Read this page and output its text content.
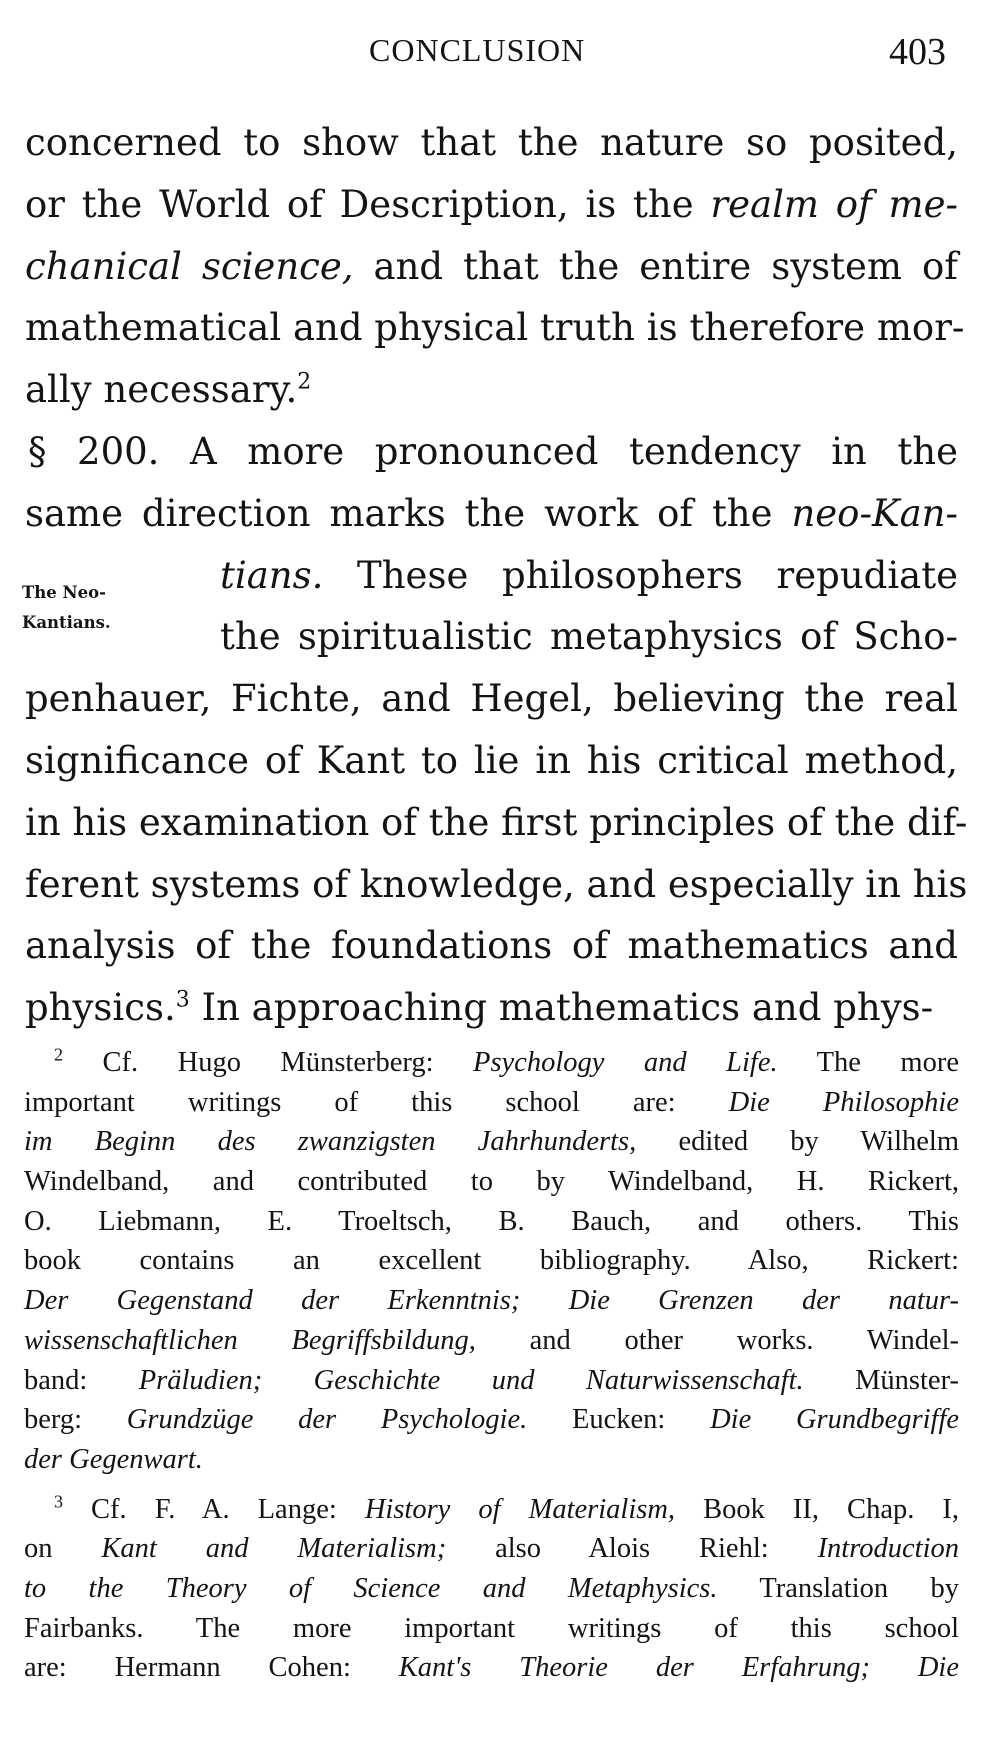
CONCLUSION	403
The Neo-
Kantians.
concerned to show that the nature so posited,
or the World of Description, is the realm of me-
chanical science, and that the entire system of
mathematical and physical truth is therefore mor-
ally necessary.$^2$
§ 200. A more pronounced tendency in the
same direction marks the work of the neo-Kan-
tians. These philosophers repudiate
the spiritualistic metaphysics of Scho-
penhauer, Fichte, and Hegel, believing the real
significance of Kant to lie in his critical method,
in his examination of the first principles of the dif-
ferent systems of knowledge, and especially in his
analysis of the foundations of mathematics and
physics.$^3$ In approaching mathematics and phys-
$^2$ Cf. Hugo Münsterberg: Psychology and Life. The more
important writings of this school are: Die Philosophie
im Beginn des zwanzigsten Jahrhunderts, edited by Wilhelm
Windelband, and contributed to by Windelband, H. Rickert,
O. Liebmann, E. Troeltsch, B. Bauch, and others. This
book contains an excellent bibliography. Also, Rickert:
Der Gegenstand der Erkenntnis; Die Grenzen der natur-
wissenschaftlichen Begriffsbildung, and other works. Windel-
band: Präludien; Geschichte und Naturwissenschaft. Münster-
berg: Grundzüge der Psychologie. Eucken: Die Grundbegriffe
der Gegenwart.
$^3$ Cf. F. A. Lange: History of Materialism, Book II, Chap. I,
on Kant and Materialism; also Alois Riehl: Introduction
to the Theory of Science and Metaphysics. Translation by
Fairbanks. The more important writings of this school
are: Hermann Cohen: Kant's Theorie der Erfahrung; Die
